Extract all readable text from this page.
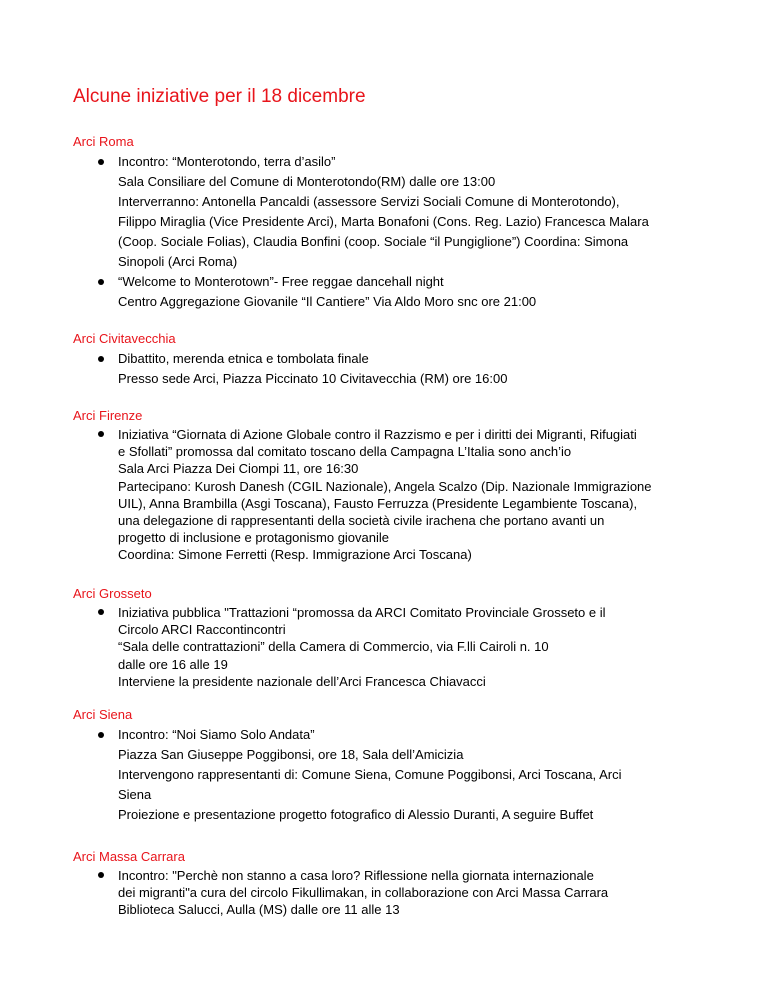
Alcune iniziative per il 18 dicembre
Arci Roma
Incontro: “Monterotondo, terra d’asilo”
Sala Consiliare del Comune di Monterotondo(RM) dalle ore 13:00
Interverranno: Antonella Pancaldi (assessore Servizi Sociali Comune di Monterotondo),
Filippo Miraglia (Vice Presidente Arci), Marta Bonafoni (Cons. Reg. Lazio) Francesca Malara
(Coop. Sociale Folias), Claudia Bonfini (coop. Sociale “il Pungiglione”) Coordina: Simona
Sinopoli (Arci Roma)
“Welcome to Monterotown”- Free reggae dancehall night
Centro Aggregazione Giovanile “Il Cantiere” Via Aldo Moro snc ore 21:00
Arci Civitavecchia
Dibattito, merenda etnica e tombolata finale
Presso sede Arci, Piazza Piccinato 10 Civitavecchia (RM) ore 16:00
Arci Firenze
Iniziativa “Giornata di Azione Globale contro il Razzismo e per i diritti dei Migranti, Rifugiati
e Sfollati” promossa dal comitato toscano della Campagna L’Italia sono anch’io
Sala Arci Piazza Dei Ciompi 11, ore 16:30
Partecipano: Kurosh Danesh (CGIL Nazionale), Angela Scalzo (Dip. Nazionale Immigrazione
UIL), Anna Brambilla (Asgi Toscana), Fausto Ferruzza (Presidente Legambiente Toscana),
una delegazione di rappresentanti della società civile irachena che portano avanti un
progetto di inclusione e protagonismo giovanile
Coordina: Simone Ferretti (Resp. Immigrazione Arci Toscana)
Arci Grosseto
Iniziativa pubblica "Trattazioni “promossa da ARCI Comitato Provinciale Grosseto e il
Circolo ARCI Raccontincontri
“Sala delle contrattazioni” della Camera di Commercio, via F.lli Cairoli n. 10
dalle ore 16 alle 19
Interviene la presidente nazionale dell’Arci Francesca Chiavacci
Arci Siena
Incontro: “Noi Siamo Solo Andata”
Piazza San Giuseppe Poggibonsi, ore 18, Sala dell’Amicizia
Intervengono rappresentanti di: Comune Siena, Comune Poggibonsi, Arci Toscana, Arci
Siena
Proiezione e presentazione progetto fotografico di Alessio Duranti, A seguire Buffet
Arci Massa Carrara
Incontro: "Perchè non stanno a casa loro? Riflessione nella giornata internazionale
dei migranti"a cura del circolo Fikullimakan, in collaborazione con Arci Massa Carrara
Biblioteca Salucci, Aulla (MS) dalle ore 11 alle 13
